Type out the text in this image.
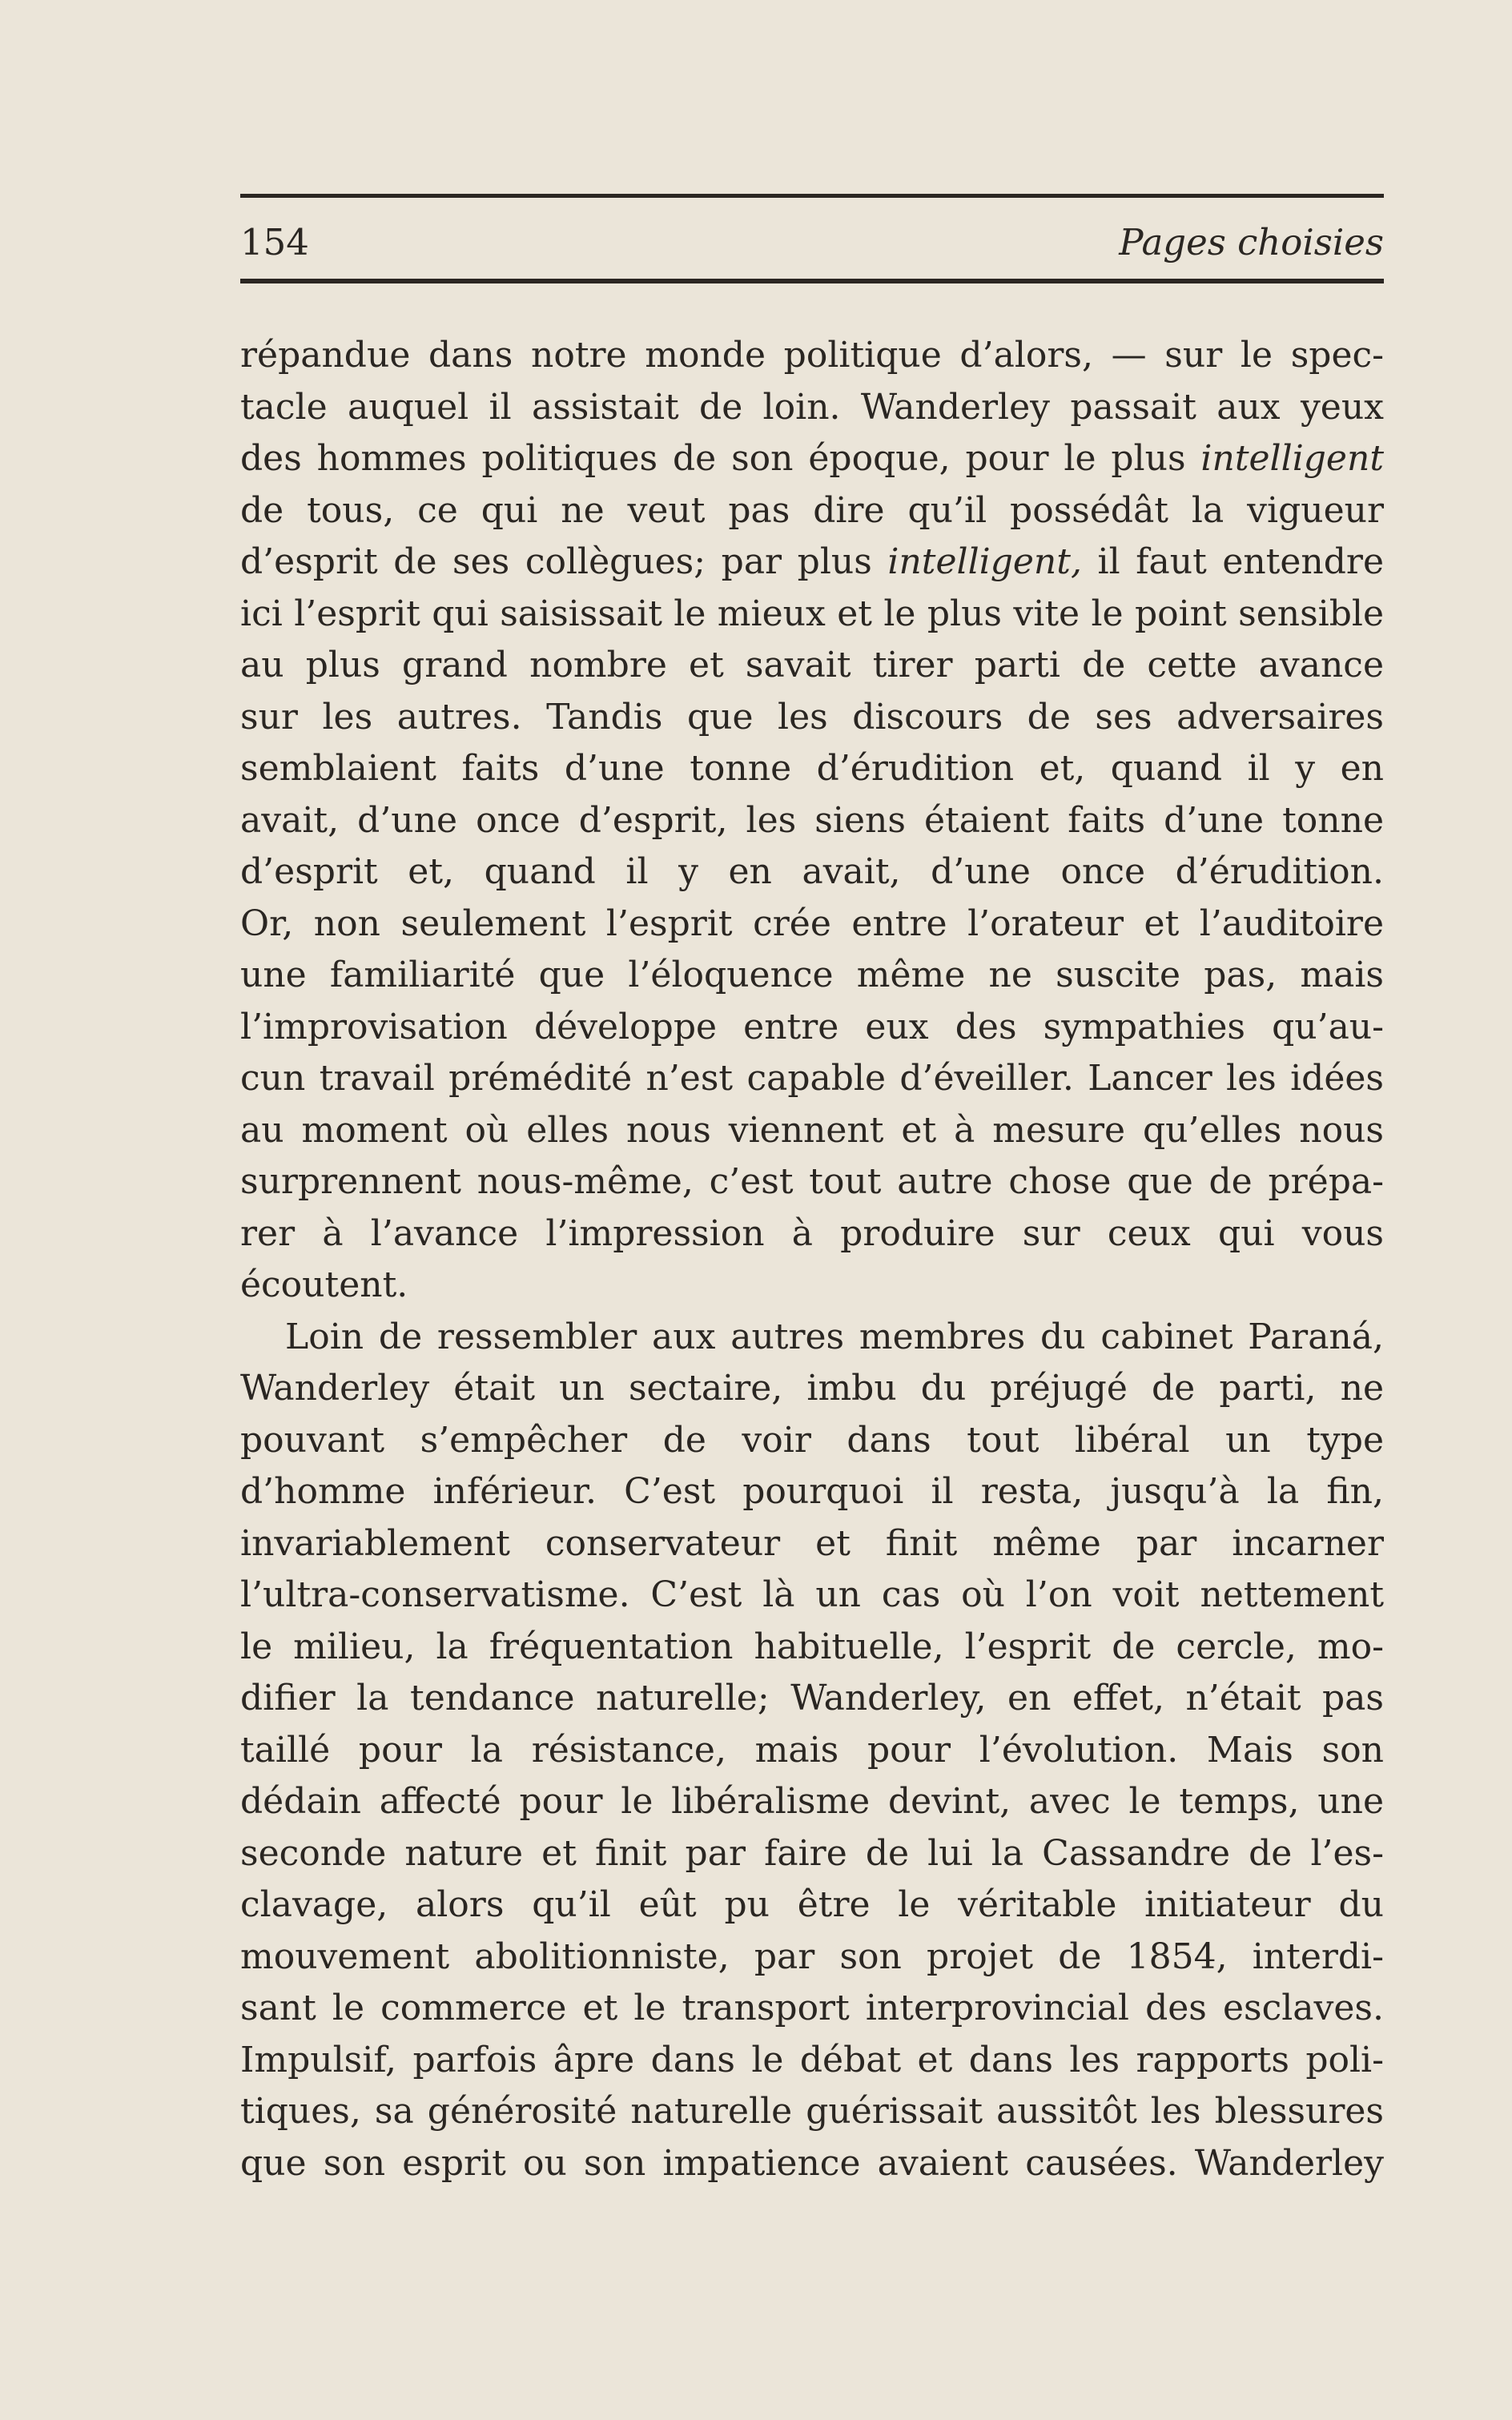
154	Pages choisies
répandue dans notre monde politique d’alors, — sur le spec-
tacle auquel il assistait de loin. Wanderley passait aux yeux
des hommes politiques de son époque, pour le plus intelligent
de tous, ce qui ne veut pas dire qu’il possédât la vigueur
d’esprit de ses collègues; par plus intelligent, il faut entendre
ici l’esprit qui saisissait le mieux et le plus vite le point sensible
au plus grand nombre et savait tirer parti de cette avance
sur les autres. Tandis que les discours de ses adversaires
semblaient faits d’une tonne d’érudition et, quand il y en
avait, d’une once d’esprit, les siens étaient faits d’une tonne
d’esprit et, quand il y en avait, d’une once d’érudition.
Or, non seulement l’esprit crée entre l’orateur et l’auditoire
une familiarité que l’éloquence même ne suscite pas, mais
l’improvisation développe entre eux des sympathies qu’au-
cun travail prémédité n’est capable d’éveiller. Lancer les idées
au moment où elles nous viennent et à mesure qu’elles nous
surprennent nous-même, c’est tout autre chose que de prépa-
rer à l’avance l’impression à produire sur ceux qui vous
écoutent.
Loin de ressembler aux autres membres du cabinet Paraná,
Wanderley était un sectaire, imbu du préjugé de parti, ne
pouvant s’empêcher de voir dans tout libéral un type
d’homme inférieur. C’est pourquoi il resta, jusqu’à la fin,
invariablement conservateur et finit même par incarner
l’ultra-conservatisme. C’est là un cas où l’on voit nettement
le milieu, la fréquentation habituelle, l’esprit de cercle, mo-
difier la tendance naturelle; Wanderley, en effet, n’était pas
taillé pour la résistance, mais pour l’évolution. Mais son
dédain affecté pour le libéralisme devint, avec le temps, une
seconde nature et finit par faire de lui la Cassandre de l’es-
clavage, alors qu’il eût pu être le véritable initiateur du
mouvement abolitionniste, par son projet de 1854, interdi-
sant le commerce et le transport interprovincial des esclaves.
Impulsif, parfois âpre dans le débat et dans les rapports poli-
tiques, sa générosité naturelle guérissait aussitôt les blessures
que son esprit ou son impatience avaient causées. Wanderley
